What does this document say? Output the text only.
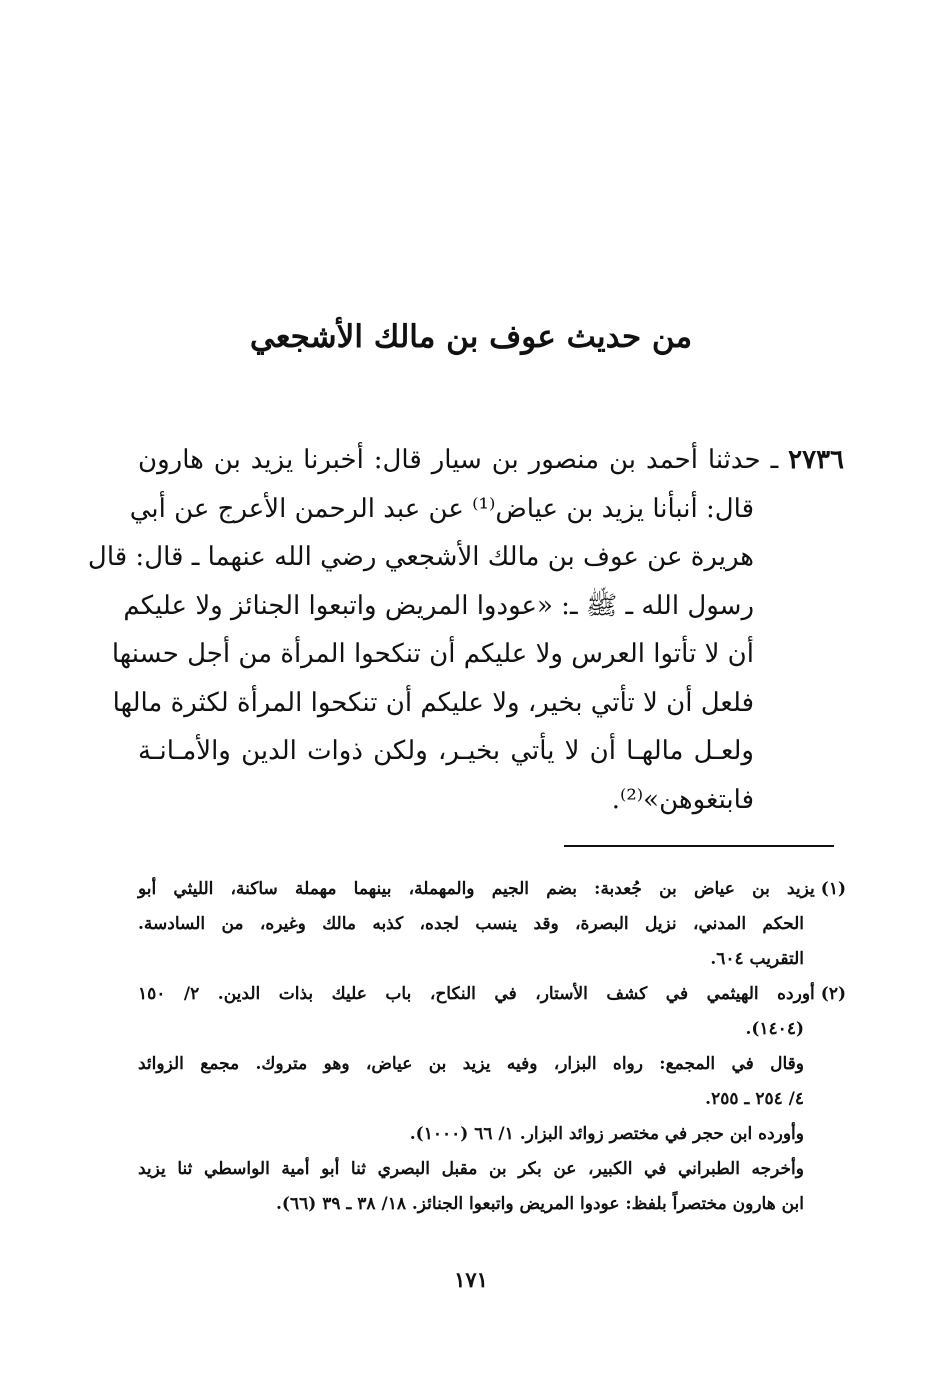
من حديث عوف بن مالك الأشجعي
٢٧٣٦ ـ حدثنا أحمد بن منصور بن سيار قال: أخبرنا يزيد بن هارون
قال: أنبأنا يزيد بن عياض⁽¹⁾ عن عبد الرحمن الأعرج عن أبي
هريرة عن عوف بن مالك الأشجعي رضي الله عنهما ـ قال: قال
رسول الله ـ ﷺ ـ: «عودوا المريض واتبعوا الجنائز ولا عليكم
أن لا تأتوا العرس ولا عليكم أن تنكحوا المرأة من أجل حسنها
فلعل أن لا تأتي بخير، ولا عليكم أن تنكحوا المرأة لكثرة مالها
ولعـل مالهـا أن لا يأتي بخيـر، ولكن ذوات الدين والأمـانـة
فابتغوهن»⁽²⁾.
(١)يزيد بن عياض بن جُعدبة: بضم الجيم والمهملة، بينهما مهملة ساكنة، الليثي أبو
الحكم المدني، نزيل البصرة، وقد ينسب لجده، كذبه مالك وغيره، من السادسة.
التقريب ٦٠٤.
(٢)أورده الهيثمي في كشف الأستار، في النكاح، باب عليك بذات الدين. ٢/ ١٥٠
(١٤٠٤).
وقال في المجمع: رواه البزار، وفيه يزيد بن عياض، وهو متروك. مجمع الزوائد
٤/ ٢٥٤ ـ ٢٥٥.
وأورده ابن حجر في مختصر زوائد البزار. ١/ ٦٦ (١٠٠٠).
وأخرجه الطبراني في الكبير، عن بكر بن مقبل البصري ثنا أبو أمية الواسطي ثنا يزيد
ابن هارون مختصراً بلفظ: عودوا المريض واتبعوا الجنائز. ١٨/ ٣٨ ـ ٣٩ (٦٦).
١٧١
